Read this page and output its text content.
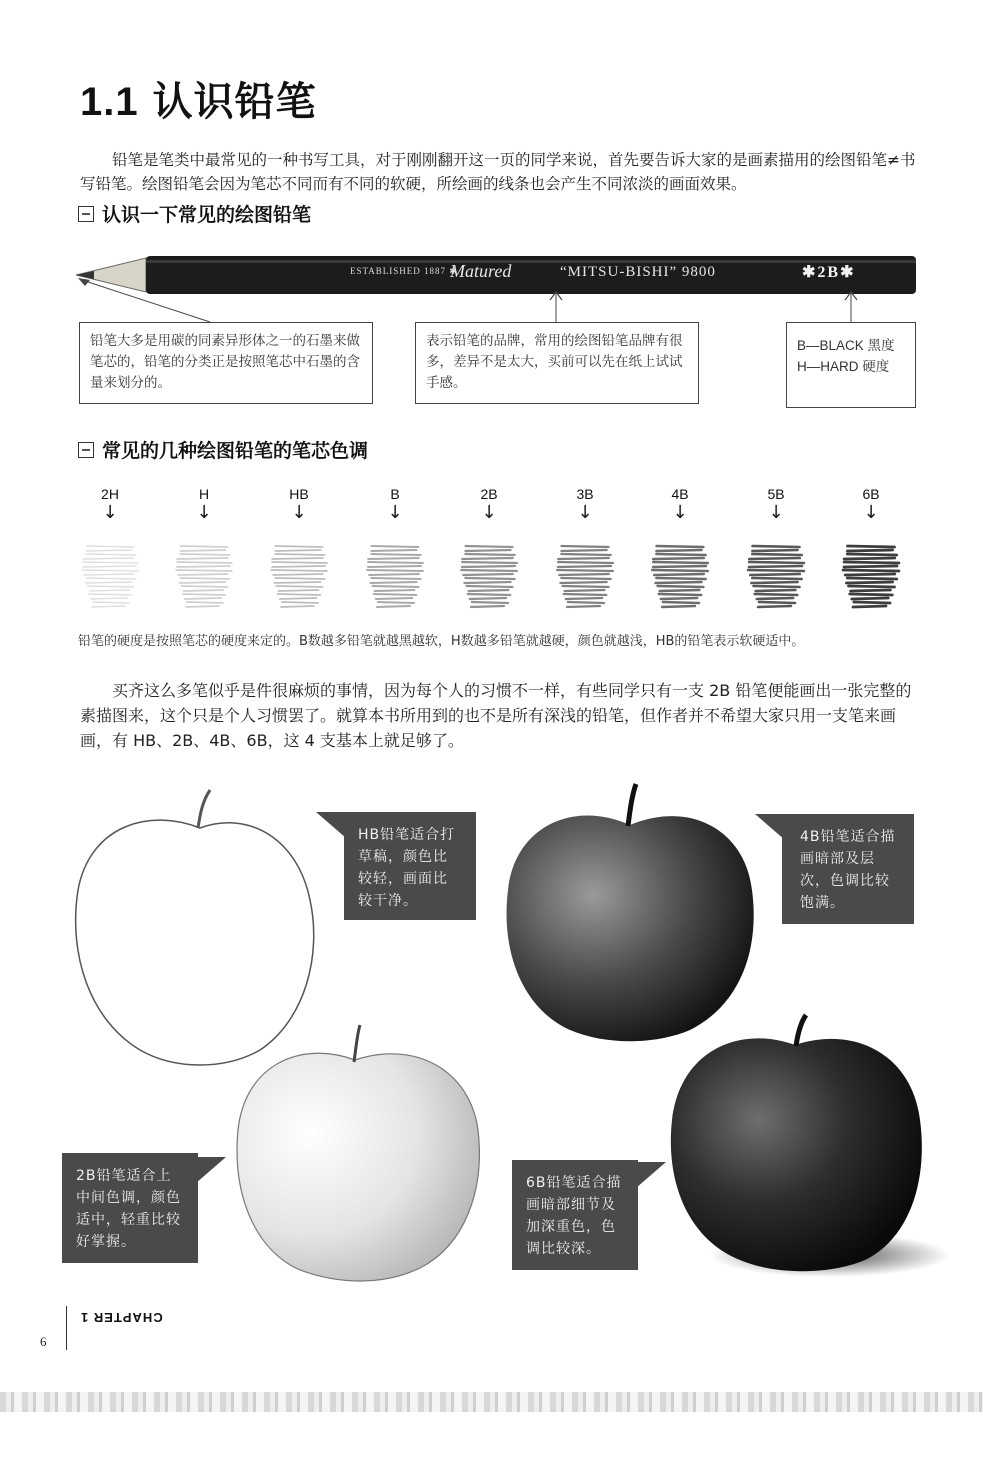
1.1 认识铅笔
铅笔是笔类中最常见的一种书写工具，对于刚刚翻开这一页的同学来说，首先要告诉大家的是画素描用的绘图铅笔≠书写铅笔。绘图铅笔会因为笔芯不同而有不同的软硬，所绘画的线条也会产生不同浓淡的画面效果。
认识一下常见的绘图铅笔
ESTABLISHED 1887 ✱
Matured	“MITSU-BISHI” 9800	✱2B✱
铅笔大多是用碳的同素异形体之一的石墨来做笔芯的，铅笔的分类正是按照笔芯中石墨的含量来划分的。
表示铅笔的品牌，常用的绘图铅笔品牌有很多，差异不是太大，买前可以先在纸上试试手感。
B—BLACK 黑度
H—HARD 硬度
常见的几种绘图铅笔的笔芯色调
2H
↓
H
↓
HB
↓
B
↓
2B
↓
3B
↓
4B
↓
5B
↓
6B
↓
铅笔的硬度是按照笔芯的硬度来定的。B数越多铅笔就越黑越软，H数越多铅笔就越硬，颜色就越浅，HB的铅笔表示软硬适中。
买齐这么多笔似乎是件很麻烦的事情，因为每个人的习惯不一样，有些同学只有一支 2B 铅笔便能画出一张完整的素描图来，这个只是个人习惯罢了。就算本书所用到的也不是所有深浅的铅笔，但作者并不希望大家只用一支笔来画画，有 HB、2B、4B、6B，这 4 支基本上就足够了。
HB铅笔适合打草稿，颜色比较轻，画面比较干净。
4B铅笔适合描画暗部及层次，色调比较饱满。
2B铅笔适合上中间色调，颜色适中，轻重比较好掌握。
6B铅笔适合描画暗部细节及加深重色，色调比较深。
CHAPTER 1
6
